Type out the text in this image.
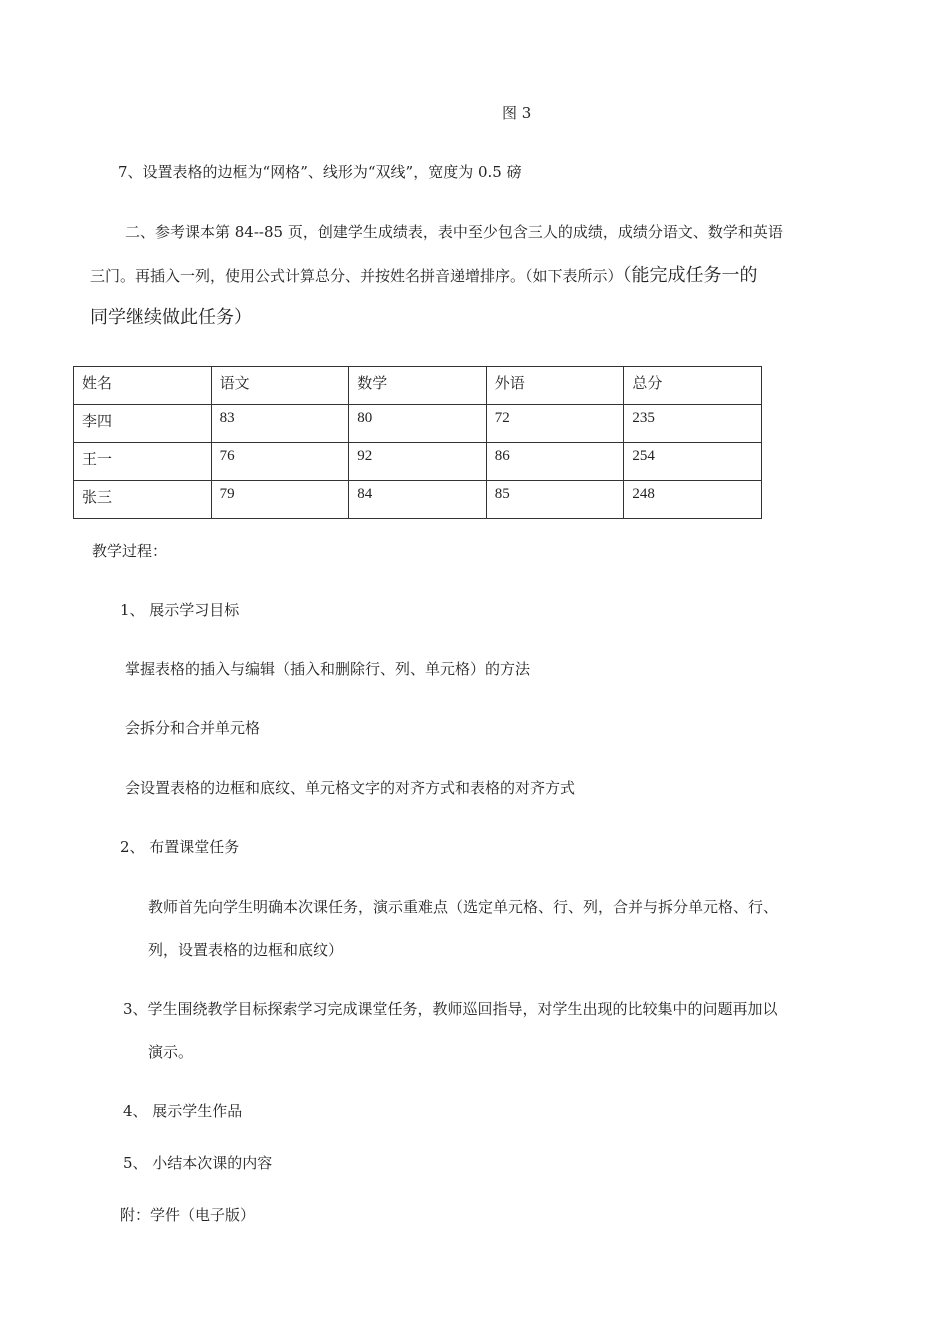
图 3
7、设置表格的边框为“网格”、线形为“双线”，宽度为 0.5 磅
二、参考课本第 84--85 页，创建学生成绩表，表中至少包含三人的成绩，成绩分语文、数学和英语
三门。再插入一列，使用公式计算总分、并按姓名拼音递增排序。（如下表所示）（能完成任务一的
同学继续做此任务）
姓名	语文	数学	外语	总分
李四	83	80	72	235
王一	76	92	86	254
张三	79	84	85	248
教学过程：
1、 展示学习目标
掌握表格的插入与编辑（插入和删除行、列、单元格）的方法
会拆分和合并单元格
会设置表格的边框和底纹、单元格文字的对齐方式和表格的对齐方式
2、 布置课堂任务
教师首先向学生明确本次课任务，演示重难点（选定单元格、行、列，合并与拆分单元格、行、
列，设置表格的边框和底纹）
3、学生围绕教学目标探索学习完成课堂任务，教师巡回指导，对学生出现的比较集中的问题再加以
演示。
4、 展示学生作品
5、 小结本次课的内容
附：学件（电子版）
